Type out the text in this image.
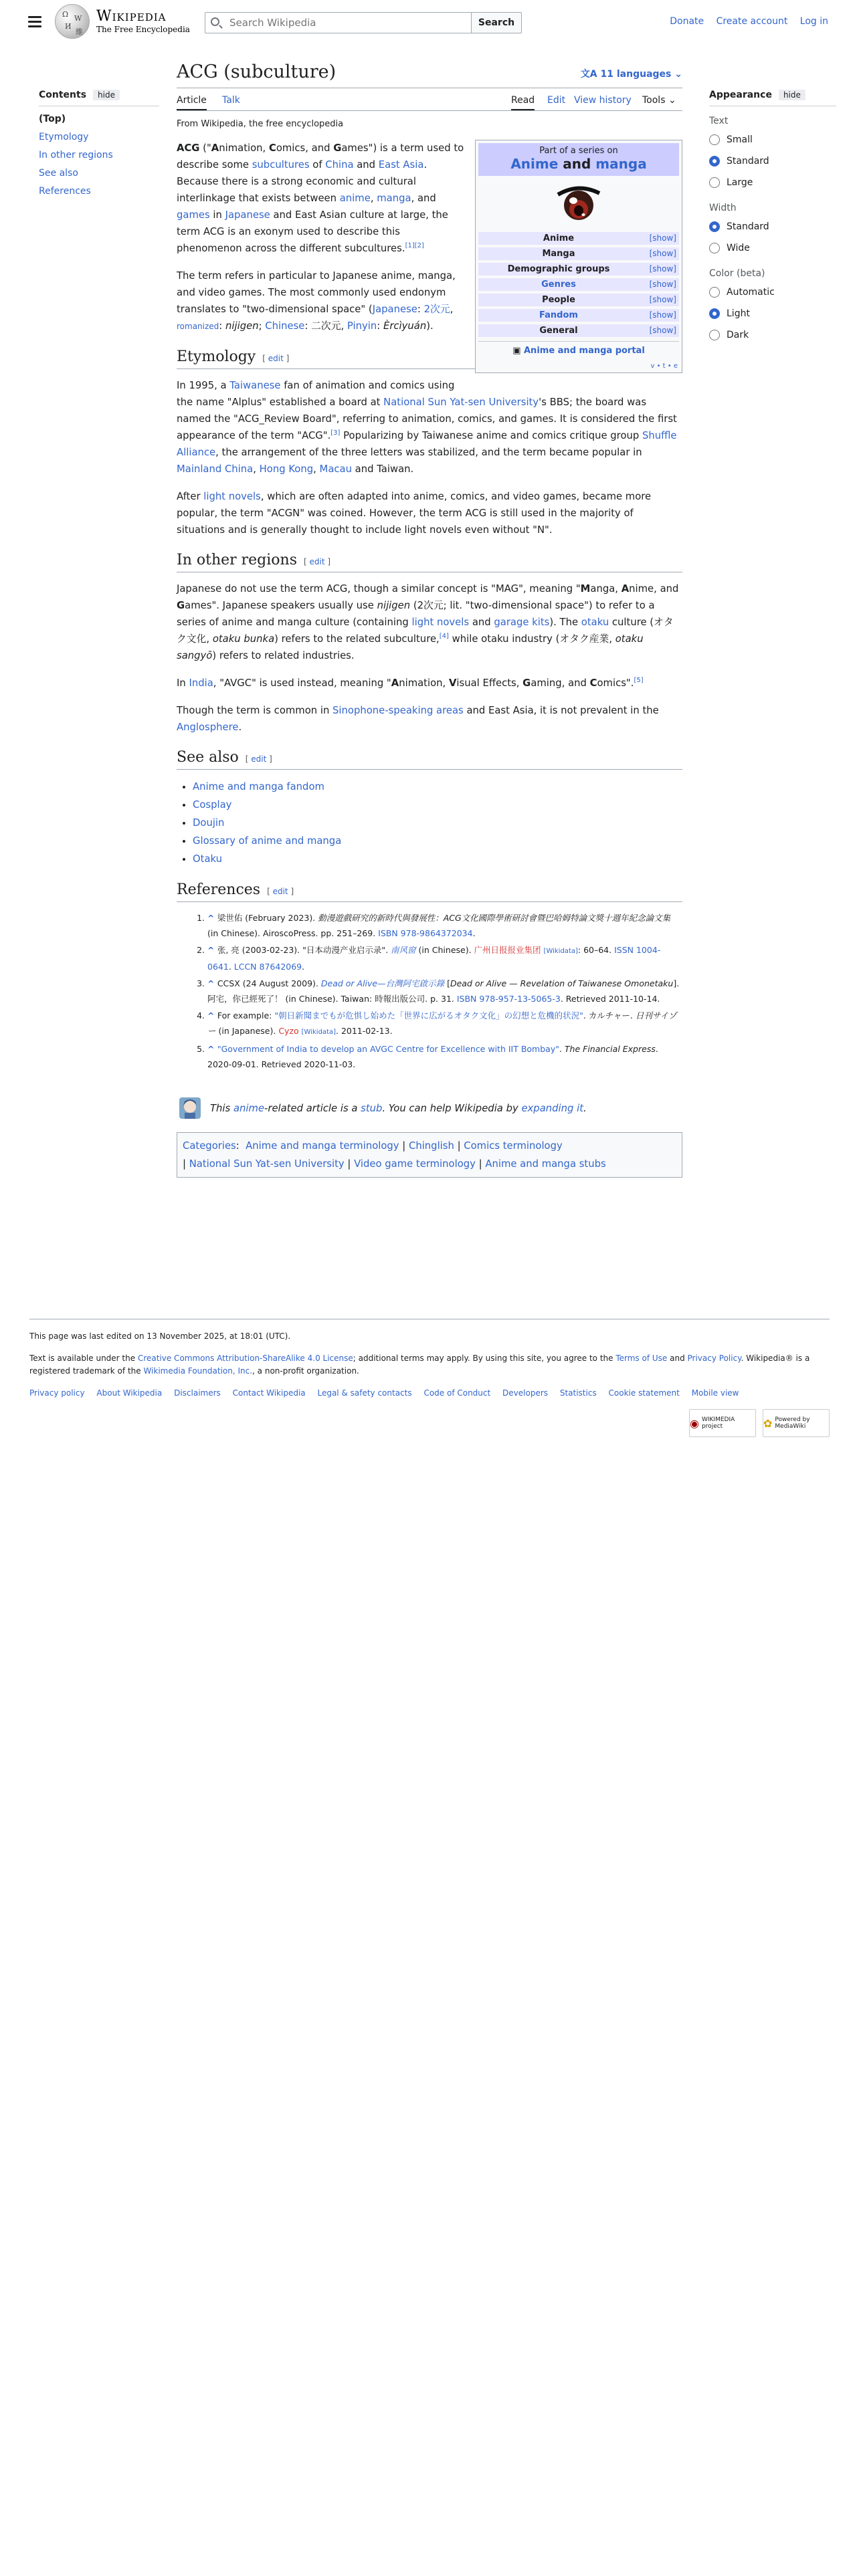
Ω W
И
維
Wikipedia
The Free Encyclopedia
Search Wikipedia
Search	Donate Create account Log in
Contents hide
(Top)
Etymology
In other regions
See also
References
Appearance hide
Text
Small
Standard
Large
Width
Standard
Wide
Color (beta)
Automatic
Light
Dark
ACG (subculture)	文A 11 languages ⌄
Article Talk	Read Edit View history Tools ⌄
From Wikipedia, the free encyclopedia
Part of a series on
Anime and manga
Anime	[show]
Manga	[show]
Demographic groups	[show]
Genres	[show]
People	[show]
Fandom	[show]
General	[show]
▣ Anime and manga portal
v • t • e

ACG ("Animation, Comics, and Games") is a term used to describe some subcultures of China and East Asia. Because there is a strong economic and cultural interlinkage that exists between anime, manga, and games in Japanese and East Asian culture at large, the term ACG is an exonym used to describe this phenomenon across the different subcultures.[1][2]

The term refers in particular to Japanese anime, manga, and video games. The most commonly used endonym translates to "two-dimensional space" (Japanese: 2次元, romanized: nijigen; Chinese: 二次元, Pinyin: Èrcìyuán).

Etymology [ edit ]

In 1995, a Taiwanese fan of animation and comics using the name "Alplus" established a board at National Sun Yat-sen University's BBS; the board was named the "ACG_Review Board", referring to animation, comics, and games. It is considered the first appearance of the term "ACG".[3] Popularizing by Taiwanese anime and comics critique group Shuffle Alliance, the arrangement of the three letters was stabilized, and the term became popular in Mainland China, Hong Kong, Macau and Taiwan.

After light novels, which are often adapted into anime, comics, and video games, became more popular, the term "ACGN" was coined. However, the term ACG is still used in the majority of situations and is generally thought to include light novels even without "N".

In other regions [ edit ]

Japanese do not use the term ACG, though a similar concept is "MAG", meaning "Manga, Anime, and Games". Japanese speakers usually use nijigen (2次元; lit. "two-dimensional space") to refer to a series of anime and manga culture (containing light novels and garage kits). The otaku culture (オタク文化, otaku bunka) refers to the related subculture,[4] while otaku industry (オタク産業, otaku sangyō) refers to related industries.

In India, "AVGC" is used instead, meaning "Animation, Visual Effects, Gaming, and Comics".[5]

Though the term is common in Sinophone-speaking areas and East Asia, it is not prevalent in the Anglosphere.

See also [ edit ]
• Anime and manga fandom
• Cosplay
• Doujin
• Glossary of anime and manga
• Otaku
References [ edit ]
1. ^ 梁世佑 (February 2023). 動漫遊戲研究的新時代與發展性：ACG文化國際學術研討會暨巴哈姆特論文獎十週年紀念論文集 (in Chinese). AiroscoPress. pp. 251–269. ISBN 978-9864372034.
2. ^ 张, 亮 (2003-02-23). "日本动漫产业启示录". 南风窗 (in Chinese). 广州日报报业集团 [Wikidata]: 60–64. ISSN 1004-0641. LCCN 87642069.
3. ^ CCSX (24 August 2009). Dead or Alive—台灣阿宅啟示錄 [Dead or Alive — Revelation of Taiwanese Omonetaku]. 阿宅，你已經死了！ (in Chinese). Taiwan: 時報出版公司. p. 31. ISBN 978-957-13-5065-3. Retrieved 2011-10-14.
4. ^ For example: "朝日新聞までもが危惧し始めた「世界に広がるオタク文化」の幻想と危機的状況". カルチャー. 日刊サイゾー (in Japanese). Cyzo [Wikidata]. 2011-02-13.
5. ^ "Government of India to develop an AVGC Centre for Excellence with IIT Bombay". The Financial Express. 2020-09-01. Retrieved 2020-11-03.
This anime-related article is a stub. You can help Wikipedia by expanding it.
Categories:  Anime and manga terminology | Chinglish | Comics terminology
| National Sun Yat-sen University | Video game terminology | Anime and manga stubs

This page was last edited on 13 November 2025, at 18:01 (UTC).

Text is available under the Creative Commons Attribution-ShareAlike 4.0 License; additional terms may apply. By using this site, you agree to the Terms of Use and Privacy Policy. Wikipedia® is a registered trademark of the Wikimedia Foundation, Inc., a non-profit organization.

Privacy policy About Wikipedia Disclaimers Contact Wikipedia Legal & safety contacts Code of Conduct Developers Statistics Cookie statement Mobile view

◉ WIKIMEDIA project	✿ Powered by MediaWiki
